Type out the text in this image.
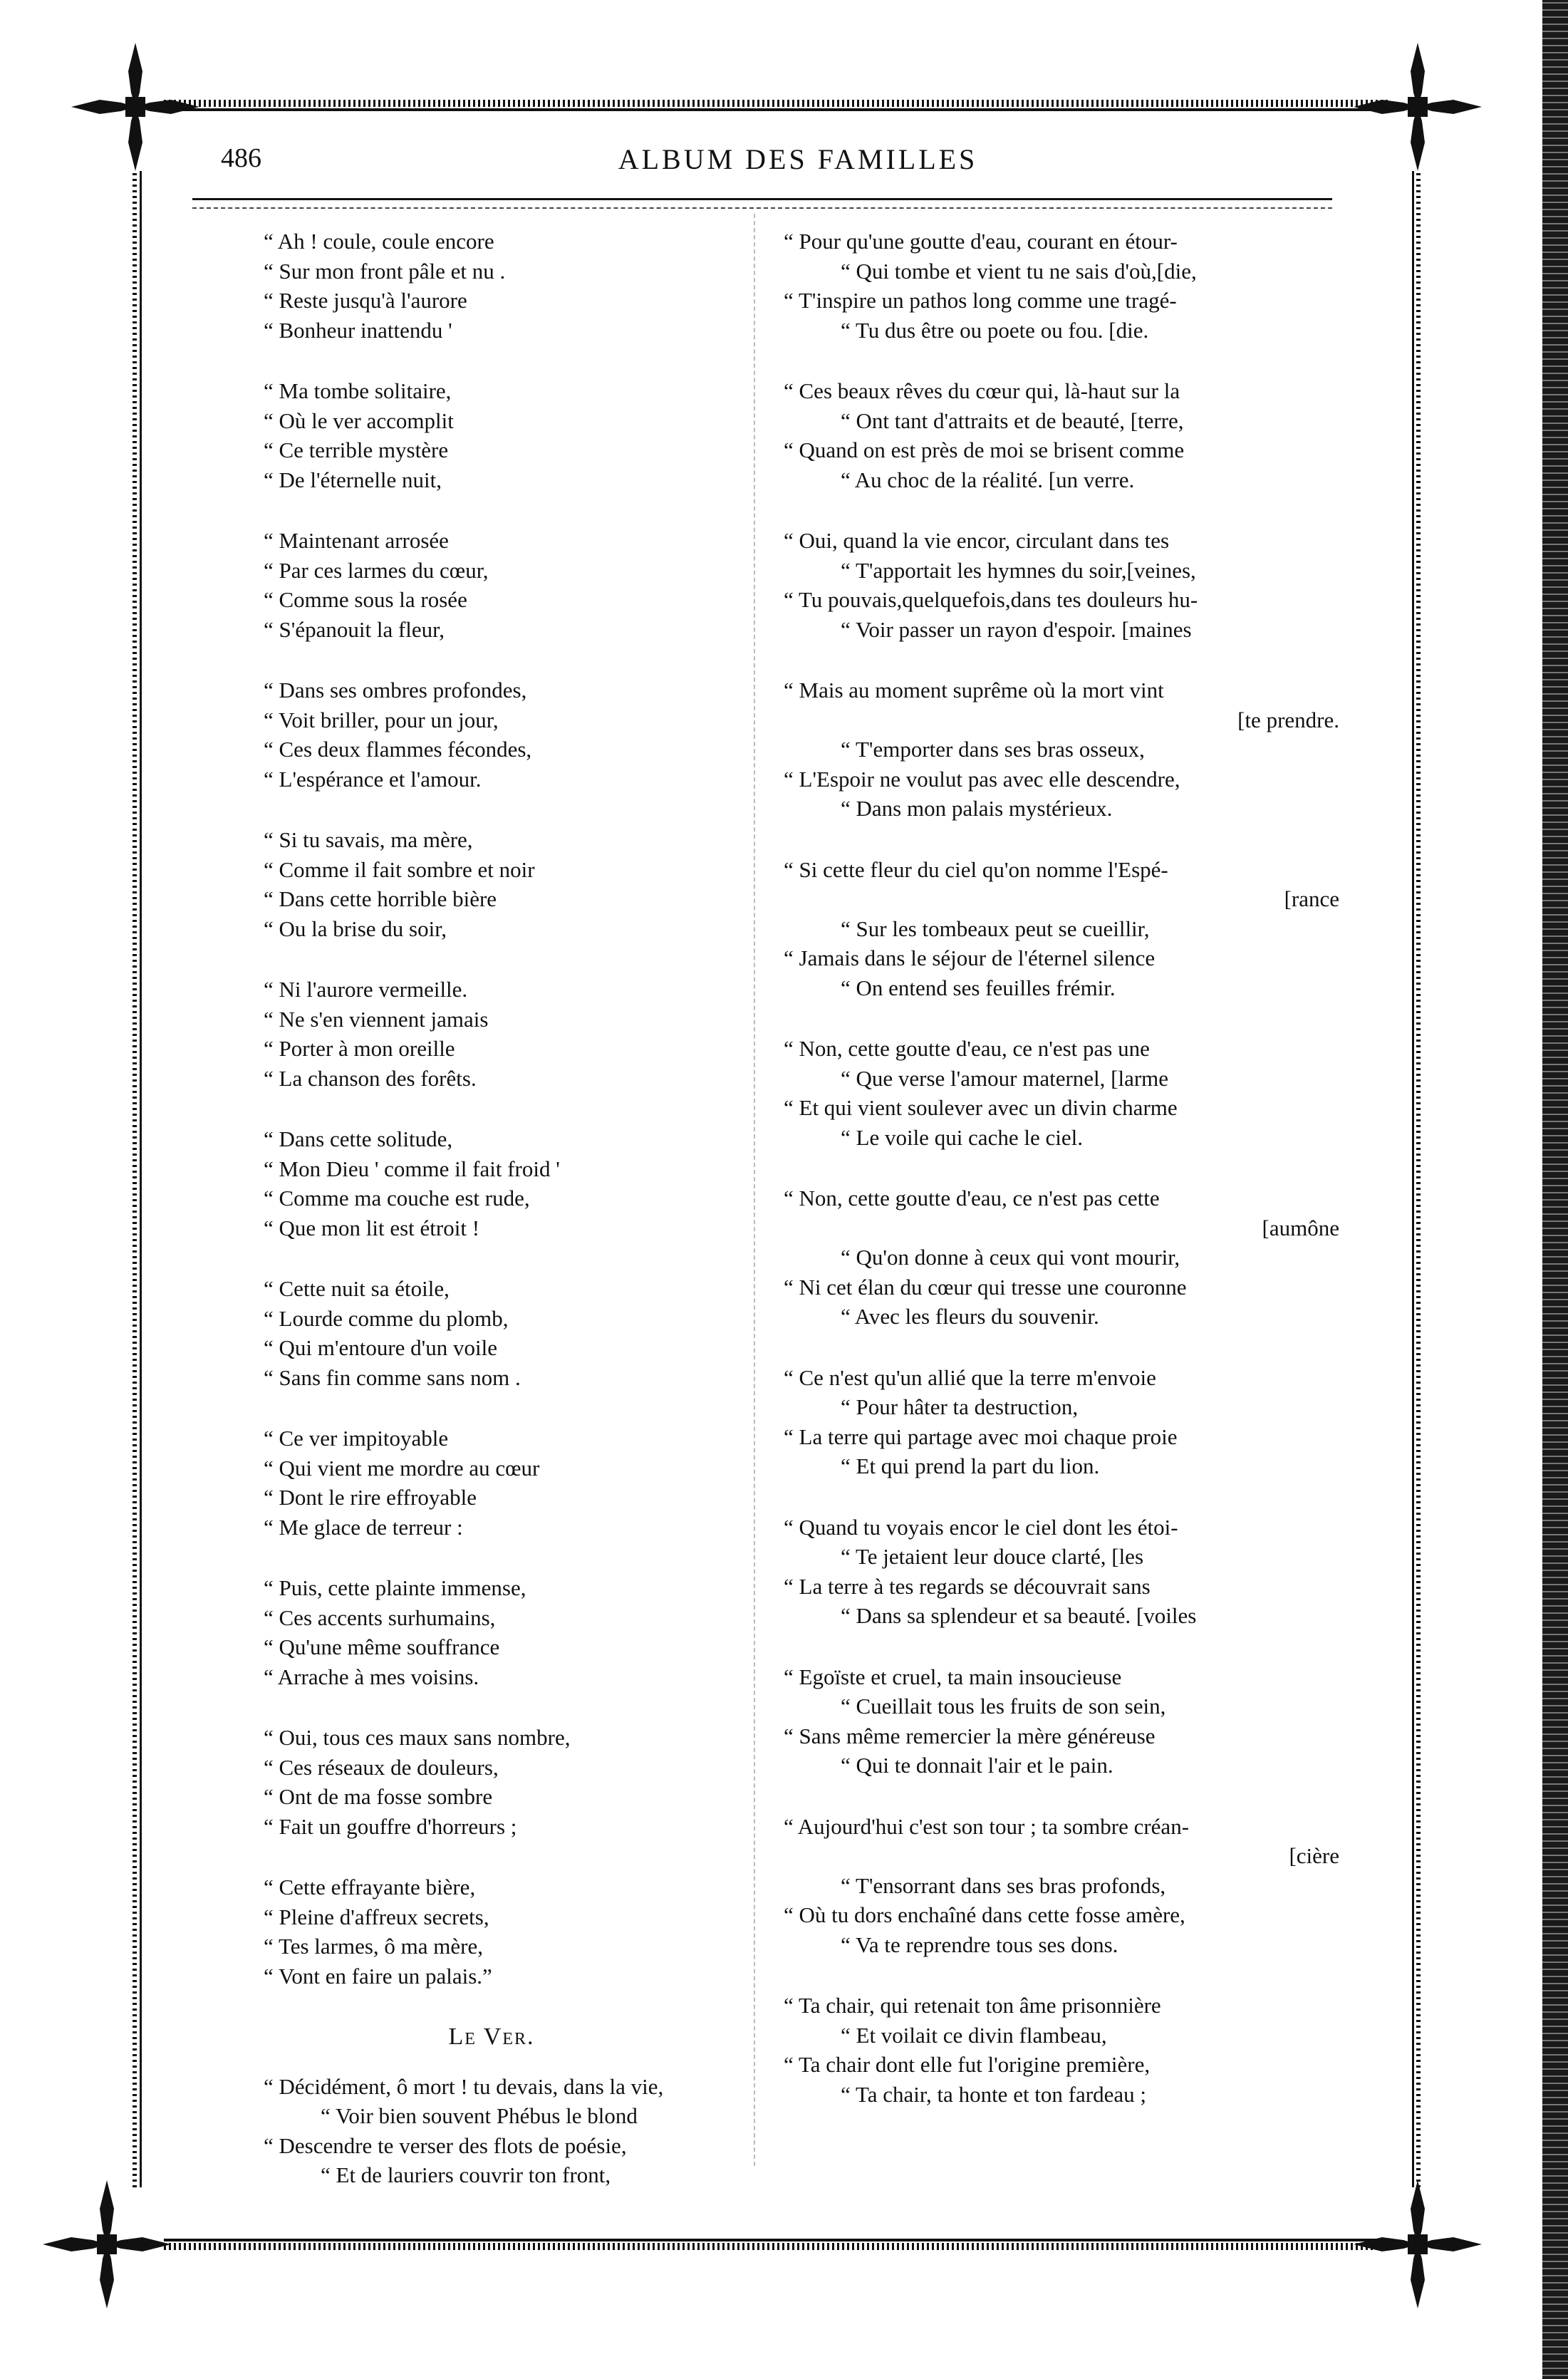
486	ALBUM DES FAMILLES
“ Ah ! coule, coule encore
“ Sur mon front pâle et nu .
“ Reste jusqu'à l'aurore
“ Bonheur inattendu '
“ Ma tombe solitaire,
“ Où le ver accomplit
“ Ce terrible mystère
“ De l'éternelle nuit,
“ Maintenant arrosée
“ Par ces larmes du cœur,
“ Comme sous la rosée
“ S'épanouit la fleur,
“ Dans ses ombres profondes,
“ Voit briller, pour un jour,
“ Ces deux flammes fécondes,
“ L'espérance et l'amour.
“ Si tu savais, ma mère,
“ Comme il fait sombre et noir
“ Dans cette horrible bière
“ Ou la brise du soir,
“ Ni l'aurore vermeille.
“ Ne s'en viennent jamais
“ Porter à mon oreille
“ La chanson des forêts.
“ Dans cette solitude,
“ Mon Dieu ' comme il fait froid '
“ Comme ma couche est rude,
“ Que mon lit est étroit !
“ Cette nuit sa étoile,
“ Lourde comme du plomb,
“ Qui m'entoure d'un voile
“ Sans fin comme sans nom .
“ Ce ver impitoyable
“ Qui vient me mordre au cœur
“ Dont le rire effroyable
“ Me glace de terreur :
“ Puis, cette plainte immense,
“ Ces accents surhumains,
“ Qu'une même souffrance
“ Arrache à mes voisins.
“ Oui, tous ces maux sans nombre,
“ Ces réseaux de douleurs,
“ Ont de ma fosse sombre
“ Fait un gouffre d'horreurs ;
“ Cette effrayante bière,
“ Pleine d'affreux secrets,
“ Tes larmes, ô ma mère,
“ Vont en faire un palais.”
Le Ver.
“ Décidément, ô mort ! tu devais, dans la vie,
“ Voir bien souvent Phébus le blond
“ Descendre te verser des flots de poésie,
“ Et de lauriers couvrir ton front,
“ Pour qu'une goutte d'eau, courant en étour-
“ Qui tombe et vient tu ne sais d'où,[die,
“ T'inspire un pathos long comme une tragé-
“ Tu dus être ou poete ou fou. [die.
“ Ces beaux rêves du cœur qui, là-haut sur la
“ Ont tant d'attraits et de beauté, [terre,
“ Quand on est près de moi se brisent comme
“ Au choc de la réalité. [un verre.
“ Oui, quand la vie encor, circulant dans tes
“ T'apportait les hymnes du soir,[veines,
“ Tu pouvais,quelquefois,dans tes douleurs hu-
“ Voir passer un rayon d'espoir. [maines
“ Mais au moment suprême où la mort vint
[te prendre.
“ T'emporter dans ses bras osseux,
“ L'Espoir ne voulut pas avec elle descendre,
“ Dans mon palais mystérieux.
“ Si cette fleur du ciel qu'on nomme l'Espé-
[rance
“ Sur les tombeaux peut se cueillir,
“ Jamais dans le séjour de l'éternel silence
“ On entend ses feuilles frémir.
“ Non, cette goutte d'eau, ce n'est pas une
“ Que verse l'amour maternel, [larme
“ Et qui vient soulever avec un divin charme
“ Le voile qui cache le ciel.
“ Non, cette goutte d'eau, ce n'est pas cette
[aumône
“ Qu'on donne à ceux qui vont mourir,
“ Ni cet élan du cœur qui tresse une couronne
“ Avec les fleurs du souvenir.
“ Ce n'est qu'un allié que la terre m'envoie
“ Pour hâter ta destruction,
“ La terre qui partage avec moi chaque proie
“ Et qui prend la part du lion.
“ Quand tu voyais encor le ciel dont les étoi-
“ Te jetaient leur douce clarté, [les
“ La terre à tes regards se découvrait sans
“ Dans sa splendeur et sa beauté. [voiles
“ Egoïste et cruel, ta main insoucieuse
“ Cueillait tous les fruits de son sein,
“ Sans même remercier la mère généreuse
“ Qui te donnait l'air et le pain.
“ Aujourd'hui c'est son tour ; ta sombre créan-
[cière
“ T'ensorrant dans ses bras profonds,
“ Où tu dors enchaîné dans cette fosse amère,
“ Va te reprendre tous ses dons.
“ Ta chair, qui retenait ton âme prisonnière
“ Et voilait ce divin flambeau,
“ Ta chair dont elle fut l'origine première,
“ Ta chair, ta honte et ton fardeau ;
